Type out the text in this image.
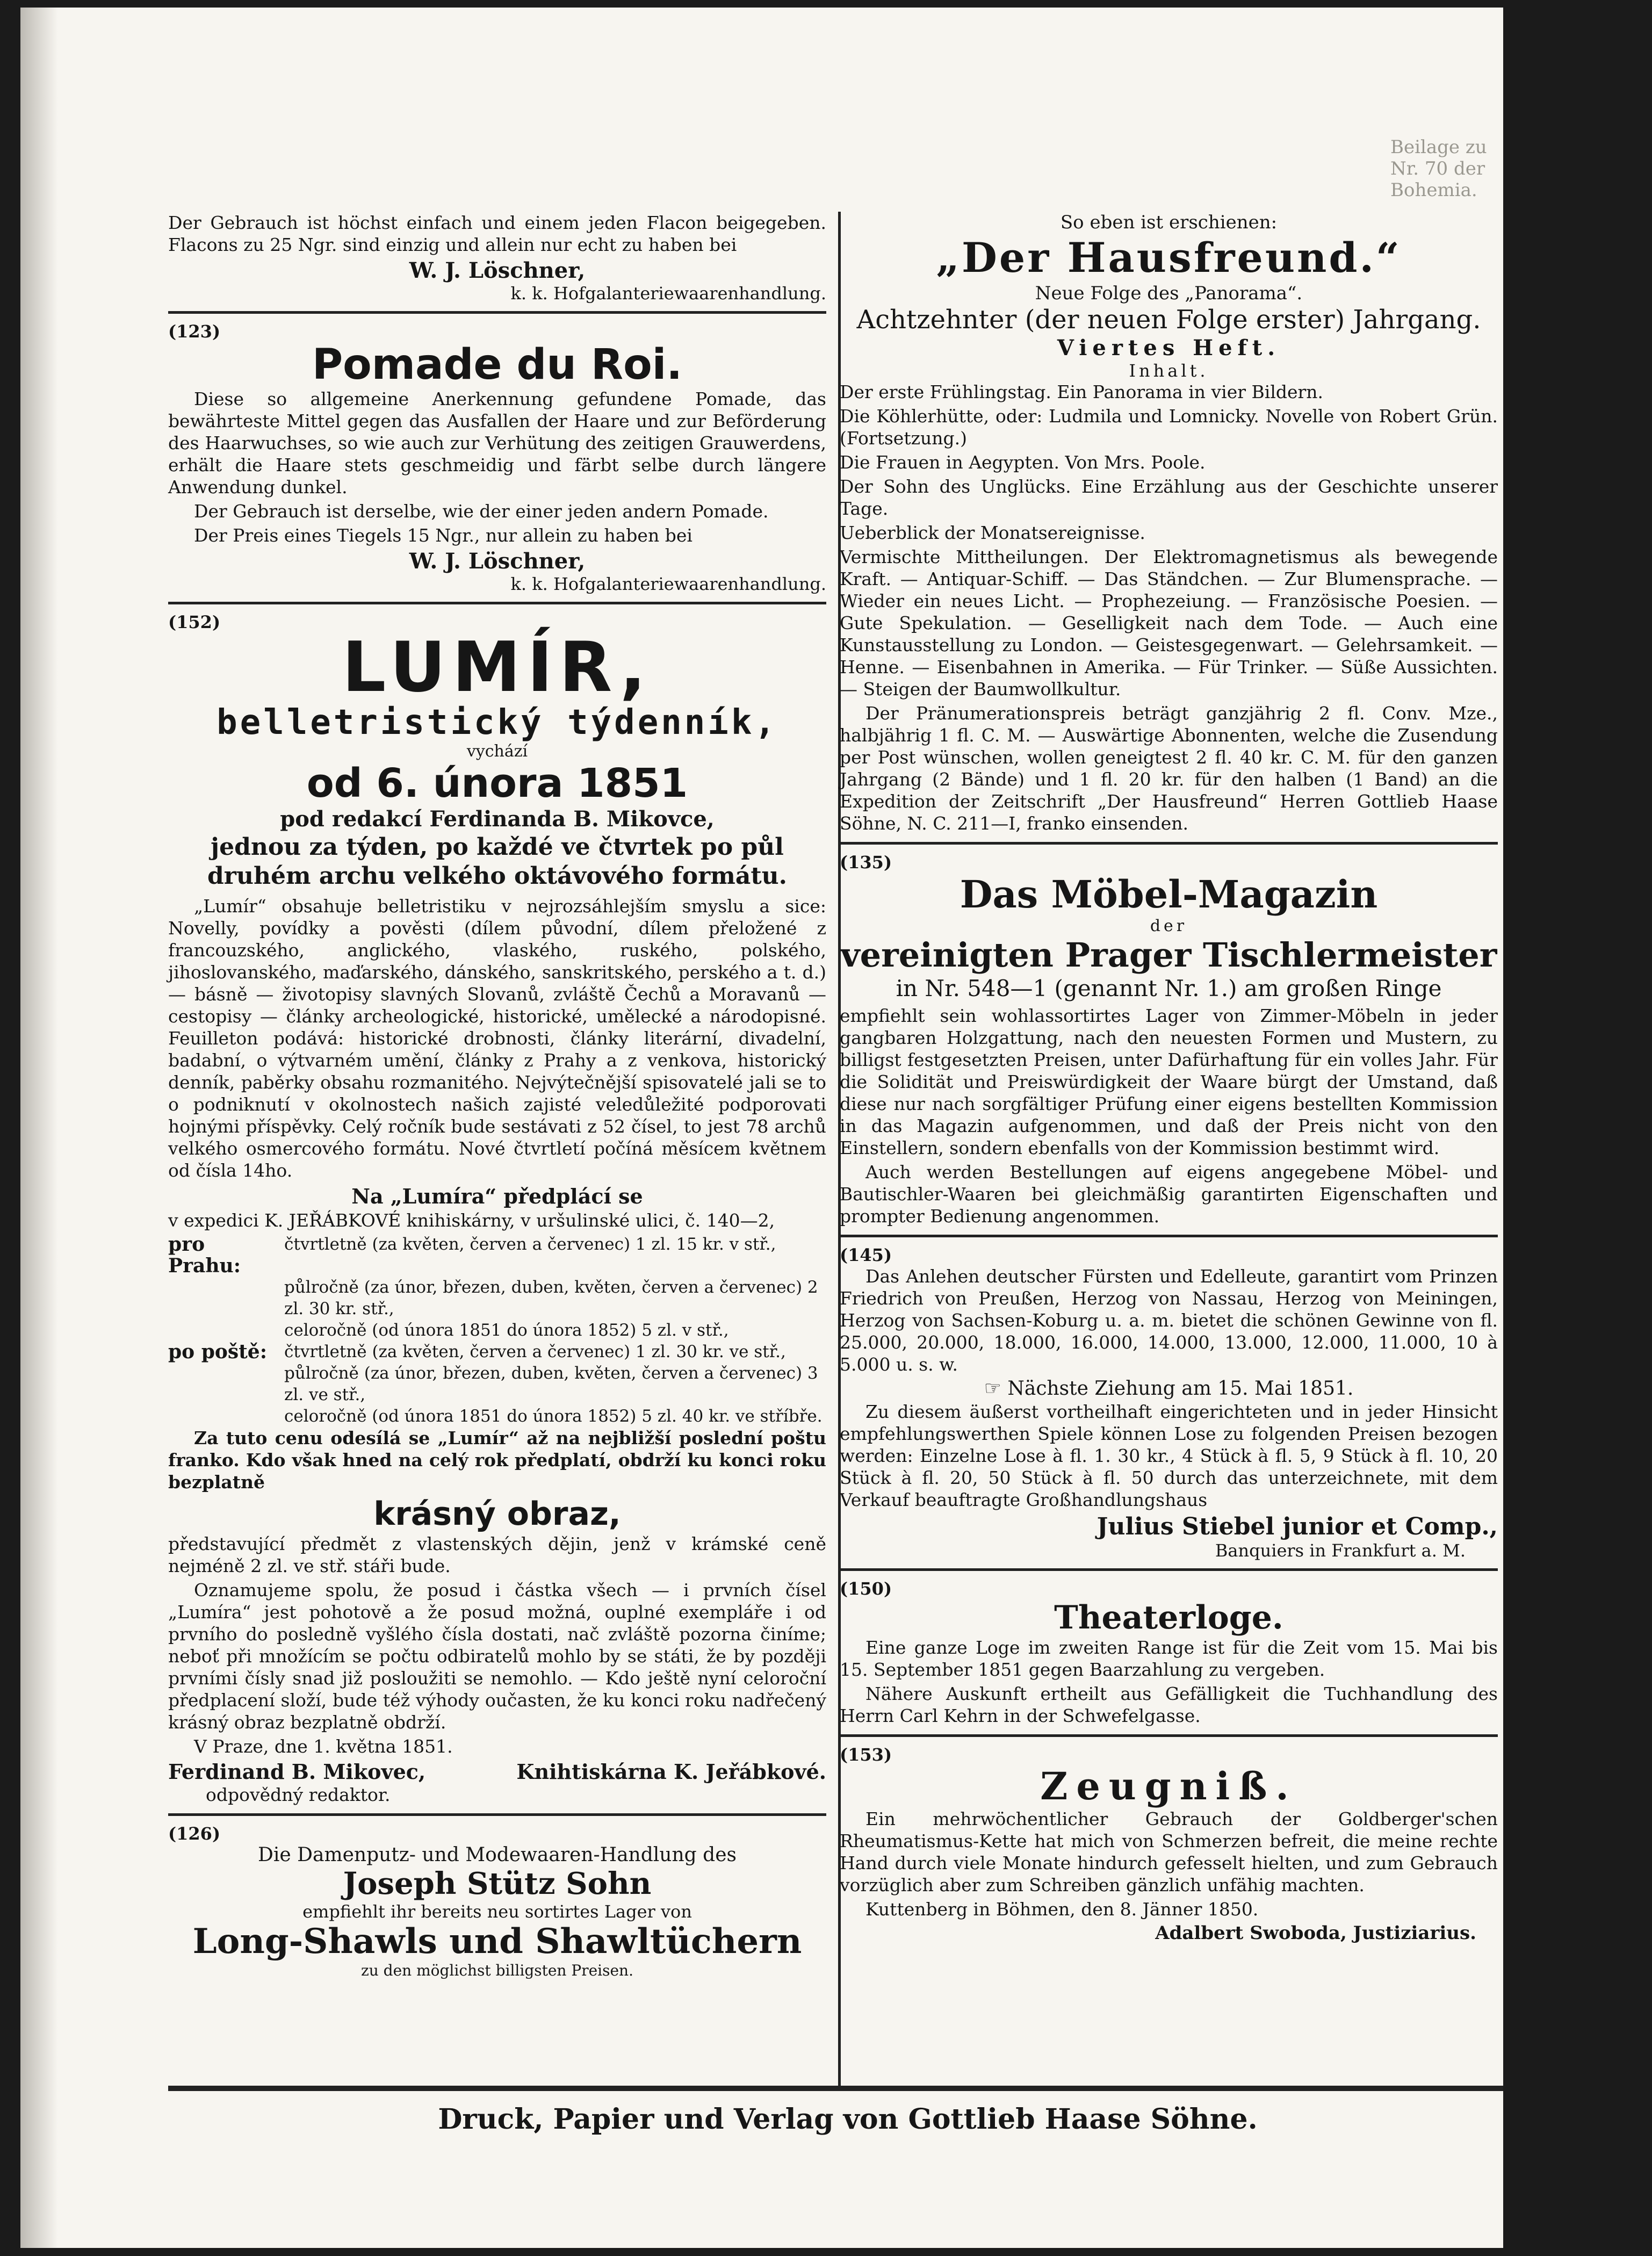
Beilage zu Nr. 70 der Bohemia.

Der Gebrauch ist höchst einfach und einem jeden Flacon beigegeben. Flacons zu 25 Ngr. sind einzig und allein nur echt zu haben bei

W. J. Löschner,

k. k. Hofgalanteriewaarenhandlung.

(123)

Pomade du Roi.

Diese so allgemeine Anerkennung gefundene Pomade, das bewährteste Mittel gegen das Ausfallen der Haare und zur Beförderung des Haarwuchses, so wie auch zur Verhütung des zeitigen Grauwerdens, erhält die Haare stets geschmeidig und färbt selbe durch längere Anwendung dunkel.

Der Gebrauch ist derselbe, wie der einer jeden andern Pomade.

Der Preis eines Tiegels 15 Ngr., nur allein zu haben bei

W. J. Löschner,

k. k. Hofgalanteriewaarenhandlung.

(152)

LUMÍR,

belletristický týdenník,

vychází

od 6. února 1851

pod redakcí Ferdinanda B. Mikovce,

jednou za týden, po každé ve čtvrtek po půl druhém archu velkého oktávového formátu.

„Lumír“ obsahuje belletristiku v nejrozsáhlejším smyslu a sice: Novelly, povídky a pověsti (dílem původní, dílem přeložené z francouzského, anglického, vlaského, ruského, polského, jihoslovanského, maďarského, dánského, sanskritského, perského a t. d.) — básně — životopisy slavných Slovanů, zvláště Čechů a Moravanů — cestopisy — články archeologické, historické, umělecké a národopisné. Feuilleton podává: historické drobnosti, články literární, divadelní, badabní, o výtvarném umění, články z Prahy a z venkova, historický denník, paběrky obsahu rozmanitého. Nejvýtečnější spisovatelé jali se to o podniknutí v okolnostech našich zajisté veledůležité podporovati hojnými příspěvky. Celý ročník bude sestávati z 52 čísel, to jest 78 archů velkého osmercového formátu. Nové čtvrtletí počíná měsícem květnem od čísla 14ho.

Na „Lumíra“ předplácí se

v expedici K. JEŘÁBKOVÉ knihiskárny, v uršulinské ulici, č. 140—2,

pro Prahu:	čtvrtletně (za květen, červen a červenec) 1 zl. 15 kr. v stř.,
	půlročně (za únor, březen, duben, květen, červen a červenec) 2 zl. 30 kr. stř.,
	celoročně (od února 1851 do února 1852) 5 zl. v stř.,
po poště:	čtvrtletně (za květen, červen a červenec) 1 zl. 30 kr. ve stř.,
	půlročně (za únor, březen, duben, květen, červen a červenec) 3 zl. ve stř.,
	celoročně (od února 1851 do února 1852) 5 zl. 40 kr. ve stříbře.

Za tuto cenu odesílá se „Lumír“ až na nejbližší poslední poštu franko. Kdo však hned na celý rok předplatí, obdrží ku konci roku bezplatně

krásný obraz,

představující předmět z vlastenských dějin, jenž v krámské ceně nejméně 2 zl. ve stř. stáři bude.

Oznamujeme spolu, že posud i částka všech — i prvních čísel „Lumíra“ jest pohotově a že posud možná, ouplné exempláře i od prvního do posledně vyšlého čísla dostati, nač zvláště pozorna činíme; neboť při množícím se počtu odbiratelů mohlo by se státi, že by později prvními čísly snad již posloužiti se nemohlo. — Kdo ještě nyní celoroční předplacení složí, bude též výhody oučasten, že ku konci roku nadřečený krásný obraz bezplatně obdrží.

V Praze, dne 1. května 1851.

Ferdinand B. Mikovec,	Knihtiskárna K. Jeřábkové.

odpovědný redaktor.

(126)

Die Damenputz- und Modewaaren-Handlung des

Joseph Stütz Sohn

empfiehlt ihr bereits neu sortirtes Lager von

Long-Shawls und Shawltüchern

zu den möglichst billigsten Preisen.

So eben ist erschienen:

„Der Hausfreund.“

Neue Folge des „Panorama“.

Achtzehnter (der neuen Folge erster) Jahrgang.

Viertes Heft.

Inhalt.

Der erste Frühlingstag. Ein Panorama in vier Bildern.

Die Köhlerhütte, oder: Ludmila und Lomnicky. Novelle von Robert Grün. (Fortsetzung.)

Die Frauen in Aegypten. Von Mrs. Poole.

Der Sohn des Unglücks. Eine Erzählung aus der Geschichte unserer Tage.

Ueberblick der Monatsereignisse.

Vermischte Mittheilungen. Der Elektromagnetismus als bewegende Kraft. — Antiquar-Schiff. — Das Ständchen. — Zur Blumensprache. — Wieder ein neues Licht. — Prophezeiung. — Französische Poesien. — Gute Spekulation. — Geselligkeit nach dem Tode. — Auch eine Kunstausstellung zu London. — Geistesgegenwart. — Gelehrsamkeit. — Henne. — Eisenbahnen in Amerika. — Für Trinker. — Süße Aussichten. — Steigen der Baumwollkultur.

Der Pränumerationspreis beträgt ganzjährig 2 fl. Conv. Mze., halbjährig 1 fl. C. M. — Auswärtige Abonnenten, welche die Zusendung per Post wünschen, wollen geneigtest 2 fl. 40 kr. C. M. für den ganzen Jahrgang (2 Bände) und 1 fl. 20 kr. für den halben (1 Band) an die Expedition der Zeitschrift „Der Hausfreund“ Herren Gottlieb Haase Söhne, N. C. 211—I, franko einsenden.

(135)

Das Möbel-Magazin

der

vereinigten Prager Tischlermeister

in Nr. 548—1 (genannt Nr. 1.) am großen Ringe

empfiehlt sein wohlassortirtes Lager von Zimmer-Möbeln in jeder gangbaren Holzgattung, nach den neuesten Formen und Mustern, zu billigst festgesetzten Preisen, unter Dafürhaftung für ein volles Jahr. Für die Solidität und Preiswürdigkeit der Waare bürgt der Umstand, daß diese nur nach sorgfältiger Prüfung einer eigens bestellten Kommission in das Magazin aufgenommen, und daß der Preis nicht von den Einstellern, sondern ebenfalls von der Kommission bestimmt wird.

Auch werden Bestellungen auf eigens angegebene Möbel- und Bautischler-Waaren bei gleichmäßig garantirten Eigenschaften und prompter Bedienung angenommen.

(145)

Das Anlehen deutscher Fürsten und Edelleute, garantirt vom Prinzen Friedrich von Preußen, Herzog von Nassau, Herzog von Meiningen, Herzog von Sachsen-Koburg u. a. m. bietet die schönen Gewinne von fl. 25.000, 20.000, 18.000, 16.000, 14.000, 13.000, 12.000, 11.000, 10 à 5.000 u. s. w.

☞ Nächste Ziehung am 15. Mai 1851.

Zu diesem äußerst vortheilhaft eingerichteten und in jeder Hinsicht empfehlungswerthen Spiele können Lose zu folgenden Preisen bezogen werden: Einzelne Lose à fl. 1. 30 kr., 4 Stück à fl. 5, 9 Stück à fl. 10, 20 Stück à fl. 20, 50 Stück à fl. 50 durch das unterzeichnete, mit dem Verkauf beauftragte Großhandlungshaus

Julius Stiebel junior et Comp.,

Banquiers in Frankfurt a. M.

(150)

Theaterloge.

Eine ganze Loge im zweiten Range ist für die Zeit vom 15. Mai bis 15. September 1851 gegen Baarzahlung zu vergeben.

Nähere Auskunft ertheilt aus Gefälligkeit die Tuchhandlung des Herrn Carl Kehrn in der Schwefelgasse.

(153)

Zeugniß.

Ein mehrwöchentlicher Gebrauch der Goldberger'schen Rheumatismus-Kette hat mich von Schmerzen befreit, die meine rechte Hand durch viele Monate hindurch gefesselt hielten, und zum Gebrauch vorzüglich aber zum Schreiben gänzlich unfähig machten.

Kuttenberg in Böhmen, den 8. Jänner 1850.

Adalbert Swoboda, Justiziarius.

Druck, Papier und Verlag von Gottlieb Haase Söhne.
